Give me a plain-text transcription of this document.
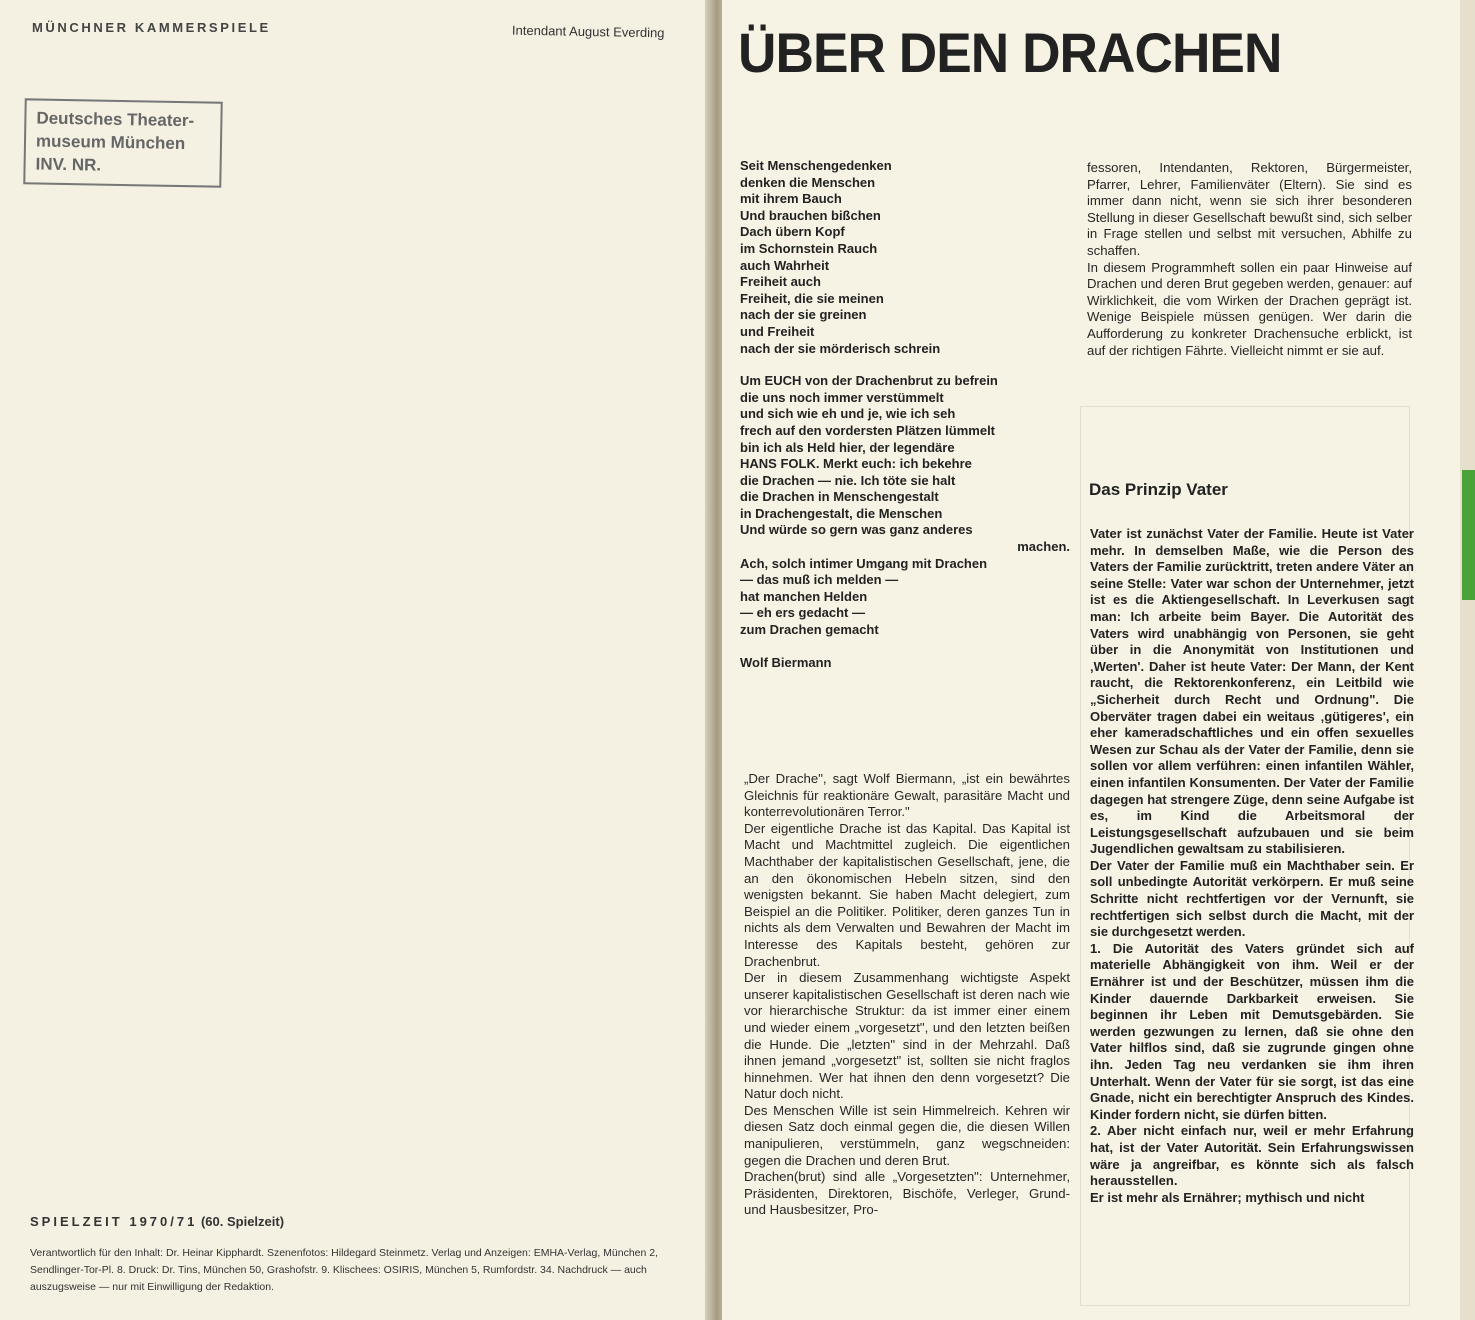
MÜNCHNER KAMMERSPIELE	Intendant August Everding
Deutsches Theater-
museum München
INV. NR.
SPIELZEIT 1970/71 (60. Spielzeit)
Verantwortlich für den Inhalt: Dr. Heinar Kipphardt. Szenenfotos: Hildegard Steinmetz. Verlag und Anzeigen: EMHA-Verlag, München 2, Sendlinger-Tor-Pl. 8. Druck: Dr. Tins, München 50, Grashofstr. 9. Klischees: OSIRIS, München 5, Rumfordstr. 34. Nachdruck — auch auszugsweise — nur mit Einwilligung der Redaktion.
ÜBER DEN DRACHEN
Seit Menschengedenken
denken die Menschen
mit ihrem Bauch
Und brauchen bißchen
Dach übern Kopf
im Schornstein Rauch
auch Wahrheit
Freiheit auch
Freiheit, die sie meinen
nach der sie greinen
und Freiheit
nach der sie mörderisch schrein
Um EUCH von der Drachenbrut zu befrein
die uns noch immer verstümmelt
und sich wie eh und je, wie ich seh
frech auf den vordersten Plätzen lümmelt
bin ich als Held hier, der legendäre
HANS FOLK. Merkt euch: ich bekehre
die Drachen — nie. Ich töte sie halt
die Drachen in Menschengestalt
in Drachengestalt, die Menschen
Und würde so gern was ganz anderes
machen.
Ach, solch intimer Umgang mit Drachen
— das muß ich melden —
hat manchen Helden
— eh ers gedacht —
zum Drachen gemacht
Wolf Biermann

„Der Drache", sagt Wolf Biermann, „ist ein bewährtes Gleichnis für reaktionäre Gewalt, parasitäre Macht und konterrevolutionären Terror."

Der eigentliche Drache ist das Kapital. Das Kapital ist Macht und Machtmittel zugleich. Die eigentlichen Machthaber der kapitalistischen Gesellschaft, jene, die an den ökonomischen Hebeln sitzen, sind den wenigsten bekannt. Sie haben Macht delegiert, zum Beispiel an die Politiker. Politiker, deren ganzes Tun in nichts als dem Verwalten und Bewahren der Macht im Interesse des Kapitals besteht, gehören zur Drachenbrut.

Der in diesem Zusammenhang wichtigste Aspekt unserer kapitalistischen Gesellschaft ist deren nach wie vor hierarchische Struktur: da ist immer einer einem und wieder einem „vorgesetzt", und den letzten beißen die Hunde. Die „letzten" sind in der Mehrzahl. Daß ihnen jemand „vorgesetzt" ist, sollten sie nicht fraglos hinnehmen. Wer hat ihnen den denn vorgesetzt? Die Natur doch nicht.

Des Menschen Wille ist sein Himmelreich. Kehren wir diesen Satz doch einmal gegen die, die diesen Willen manipulieren, verstümmeln, ganz wegschneiden: gegen die Drachen und deren Brut.

Drachen(brut) sind alle „Vorgesetzten": Unternehmer, Präsidenten, Direktoren, Bischöfe, Verleger, Grund- und Hausbesitzer, Pro-

fessoren, Intendanten, Rektoren, Bürgermeister, Pfarrer, Lehrer, Familienväter (Eltern). Sie sind es immer dann nicht, wenn sie sich ihrer besonderen Stellung in dieser Gesellschaft bewußt sind, sich selber in Frage stellen und selbst mit versuchen, Abhilfe zu schaffen.

In diesem Programmheft sollen ein paar Hinweise auf Drachen und deren Brut gegeben werden, genauer: auf Wirklichkeit, die vom Wirken der Drachen geprägt ist. Wenige Beispiele müssen genügen. Wer darin die Aufforderung zu konkreter Drachensuche erblickt, ist auf der richtigen Fährte. Vielleicht nimmt er sie auf.

Das Prinzip Vater

Vater ist zunächst Vater der Familie. Heute ist Vater mehr. In demselben Maße, wie die Person des Vaters der Familie zurücktritt, treten andere Väter an seine Stelle: Vater war schon der Unternehmer, jetzt ist es die Aktiengesellschaft. In Leverkusen sagt man: Ich arbeite beim Bayer. Die Autorität des Vaters wird unabhängig von Personen, sie geht über in die Anonymität von Institutionen und ‚Werten'. Daher ist heute Vater: Der Mann, der Kent raucht, die Rektorenkonferenz, ein Leitbild wie „Sicherheit durch Recht und Ordnung". Die Oberväter tragen dabei ein weitaus ‚gütigeres', ein eher kameradschaftliches und ein offen sexuelles Wesen zur Schau als der Vater der Familie, denn sie sollen vor allem verführen: einen infantilen Wähler, einen infantilen Konsumenten. Der Vater der Familie dagegen hat strengere Züge, denn seine Aufgabe ist es, im Kind die Arbeitsmoral der Leistungsgesellschaft aufzubauen und sie beim Jugendlichen gewaltsam zu stabilisieren.

Der Vater der Familie muß ein Machthaber sein. Er soll unbedingte Autorität verkörpern. Er muß seine Schritte nicht rechtfertigen vor der Vernunft, sie rechtfertigen sich selbst durch die Macht, mit der sie durchgesetzt werden.

1. Die Autorität des Vaters gründet sich auf materielle Abhängigkeit von ihm. Weil er der Ernährer ist und der Beschützer, müssen ihm die Kinder dauernde Darkbarkeit erweisen. Sie beginnen ihr Leben mit Demutsgebärden. Sie werden gezwungen zu lernen, daß sie ohne den Vater hilflos sind, daß sie zugrunde gingen ohne ihn. Jeden Tag neu verdanken sie ihm ihren Unterhalt. Wenn der Vater für sie sorgt, ist das eine Gnade, nicht ein berechtigter Anspruch des Kindes. Kinder fordern nicht, sie dürfen bitten.

2. Aber nicht einfach nur, weil er mehr Erfahrung hat, ist der Vater Autorität. Sein Erfahrungswissen wäre ja angreifbar, es könnte sich als falsch herausstellen.

Er ist mehr als Ernährer; mythisch und nicht
